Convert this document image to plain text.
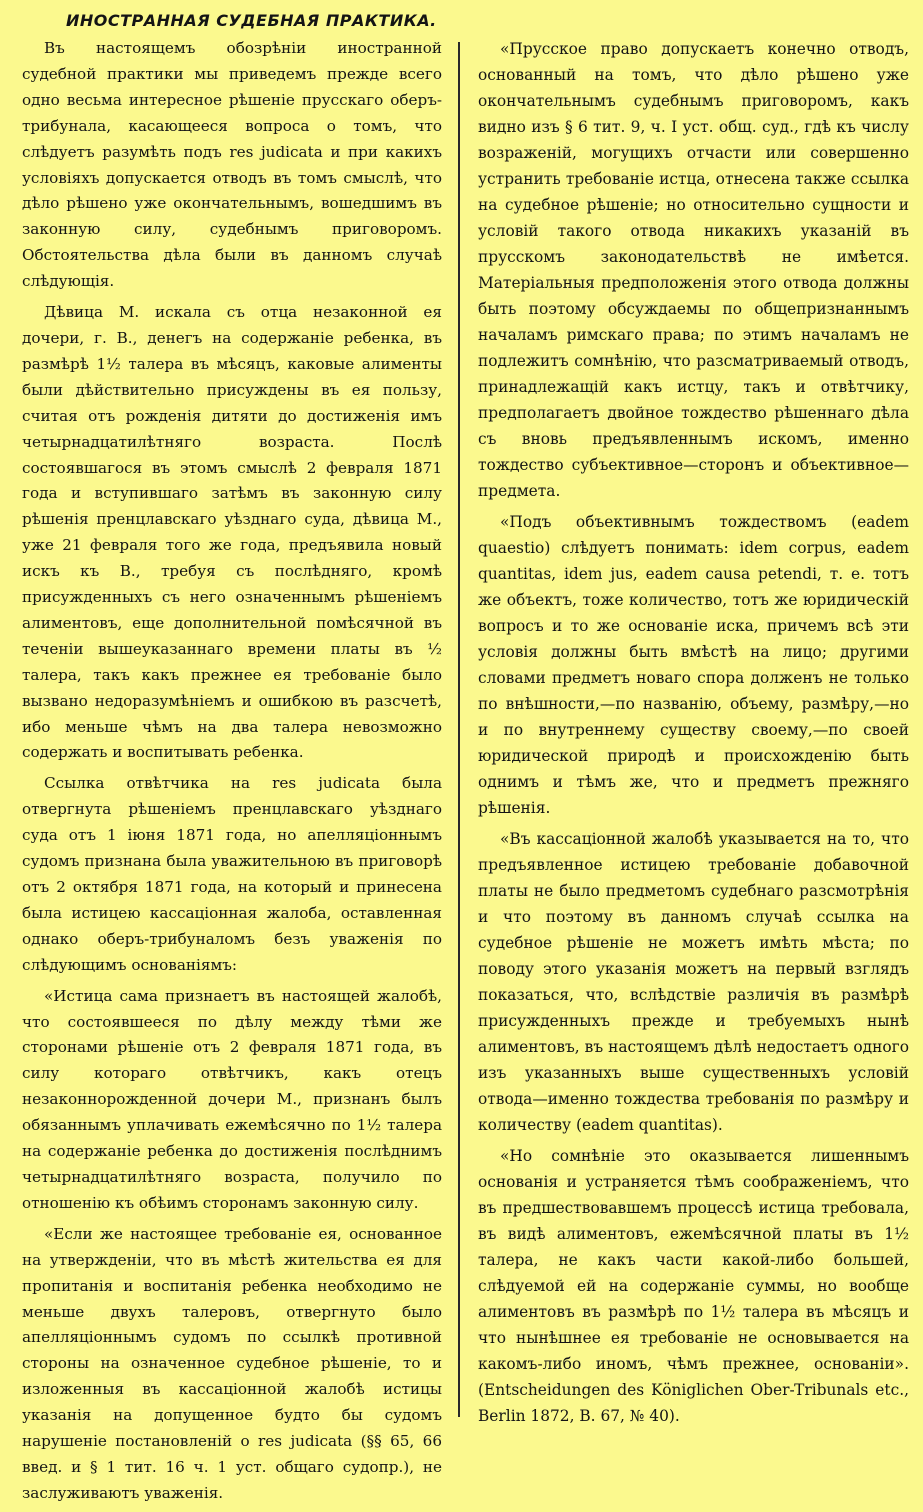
ИНОСТРАННАЯ СУДЕБНАЯ ПРАКТИКА.

Въ настоящемъ обозрѣніи иностранной судебной практики мы приведемъ прежде всего одно весьма интересное рѣшеніе прусскаго оберъ-трибунала, касающееся вопроса о томъ, что слѣдуетъ разумѣть подъ res judicata и при какихъ условіяхъ допускается отводъ въ томъ смыслѣ, что дѣло рѣшено уже окончательнымъ, вошедшимъ въ законную силу, судебнымъ приговоромъ. Обстоятельства дѣла были въ данномъ случаѣ слѣдующія.

Дѣвица М. искала съ отца незаконной ея дочери, г. В., денегъ на содержаніе ребенка, въ размѣрѣ 1½ талера въ мѣсяцъ, каковые алименты были дѣйствительно присуждены въ ея пользу, считая отъ рожденія дитяти до достиженія имъ четырнадцатилѣтняго возраста. Послѣ состоявшагося въ этомъ смыслѣ 2 февраля 1871 года и вступившаго затѣмъ въ законную силу рѣшенія пренцлавскаго уѣзднаго суда, дѣвица М., уже 21 февраля того же года, предъявила новый искъ къ В., требуя съ послѣдняго, кромѣ присужденныхъ съ него означеннымъ рѣшеніемъ алиментовъ, еще дополнительной помѣсячной въ теченіи вышеуказаннаго времени платы въ ½ талера, такъ какъ прежнее ея требованіе было вызвано недоразумѣніемъ и ошибкою въ разсчетѣ, ибо меньше чѣмъ на два талера невозможно содержать и воспитывать ребенка.

Ссылка отвѣтчика на res judicata была отвергнута рѣшеніемъ пренцлавскаго уѣзднаго суда отъ 1 іюня 1871 года, но апелляціоннымъ судомъ признана была уважительною въ приговорѣ отъ 2 октября 1871 года, на который и принесена была истицею кассаціонная жалоба, оставленная однако оберъ-трибуналомъ безъ уваженія по слѣдующимъ основаніямъ:

«Истица сама признаетъ въ настоящей жалобѣ, что состоявшееся по дѣлу между тѣми же сторонами рѣшеніе отъ 2 февраля 1871 года, въ силу котораго отвѣтчикъ, какъ отецъ незаконнорожденной дочери М., признанъ былъ обязаннымъ уплачивать ежемѣсячно по 1½ талера на содержаніе ребенка до достиженія послѣднимъ четырнадцатилѣтняго возраста, получило по отношенію къ обѣимъ сторонамъ законную силу.

«Если же настоящее требованіе ея, основанное на утвержденіи, что въ мѣстѣ жительства ея для пропитанія и воспитанія ребенка необходимо не меньше двухъ талеровъ, отвергнуто было апелляціоннымъ судомъ по ссылкѣ противной стороны на означенное судебное рѣшеніе, то и изложенныя въ кассаціонной жалобѣ истицы указанія на допущенное будто бы судомъ нарушеніе постановленій о res judicata (§§ 65, 66 введ. и § 1 тит. 16 ч. 1 уст. общаго судопр.), не заслуживаютъ уваженія.

«Прусское право допускаетъ конечно отводъ, основанный на томъ, что дѣло рѣшено уже окончательнымъ судебнымъ приговоромъ, какъ видно изъ § 6 тит. 9, ч. I уст. общ. суд., гдѣ къ числу возраженій, могущихъ отчасти или совершенно устранить требованіе истца, отнесена также ссылка на судебное рѣшеніе; но относительно сущности и условій такого отвода никакихъ указаній въ прусскомъ законодательствѣ не имѣется. Матеріальныя предположенія этого отвода должны быть поэтому обсуждаемы по общепризнаннымъ началамъ римскаго права; по этимъ началамъ не подлежитъ сомнѣнію, что разсматриваемый отводъ, принадлежащій какъ истцу, такъ и отвѣтчику, предполагаетъ двойное тождество рѣшеннаго дѣла съ вновь предъявленнымъ искомъ, именно тождество субъективное—сторонъ и объективное—предмета.

«Подъ объективнымъ тождествомъ (eadem quaestio) слѣдуетъ понимать: idem corpus, eadem quantitas, idem jus, eadem causa petendi, т. е. тотъ же объектъ, тоже количество, тотъ же юридическій вопросъ и то же основаніе иска, причемъ всѣ эти условія должны быть вмѣстѣ на лицо; другими словами предметъ новаго спора долженъ не только по внѣшности,—по названію, объему, размѣру,—но и по внутреннему существу своему,—по своей юридической природѣ и происхожденію быть однимъ и тѣмъ же, что и предметъ прежняго рѣшенія.

«Въ кассаціонной жалобѣ указывается на то, что предъявленное истицею требованіе добавочной платы не было предметомъ судебнаго разсмотрѣнія и что поэтому въ данномъ случаѣ ссылка на судебное рѣшеніе не можетъ имѣть мѣста; по поводу этого указанія можетъ на первый взглядъ показаться, что, вслѣдствіе различія въ размѣрѣ присужденныхъ прежде и требуемыхъ нынѣ алиментовъ, въ настоящемъ дѣлѣ недостаетъ одного изъ указанныхъ выше существенныхъ условій отвода—именно тождества требованія по размѣру и количеству (eadem quantitas).

«Но сомнѣніе это оказывается лишеннымъ основанія и устраняется тѣмъ соображеніемъ, что въ предшествовавшемъ процессѣ истица требовала, въ видѣ алиментовъ, ежемѣсячной платы въ 1½ талера, не какъ части какой-либо большей, слѣдуемой ей на содержаніе суммы, но вообще алиментовъ въ размѣрѣ по 1½ талера въ мѣсяцъ и что нынѣшнее ея требованіе не основывается на какомъ-либо иномъ, чѣмъ прежнее, основаніи». (Entscheidungen des Königlichen Ober-Tribunals etc., Berlin 1872, B. 67, № 40).
